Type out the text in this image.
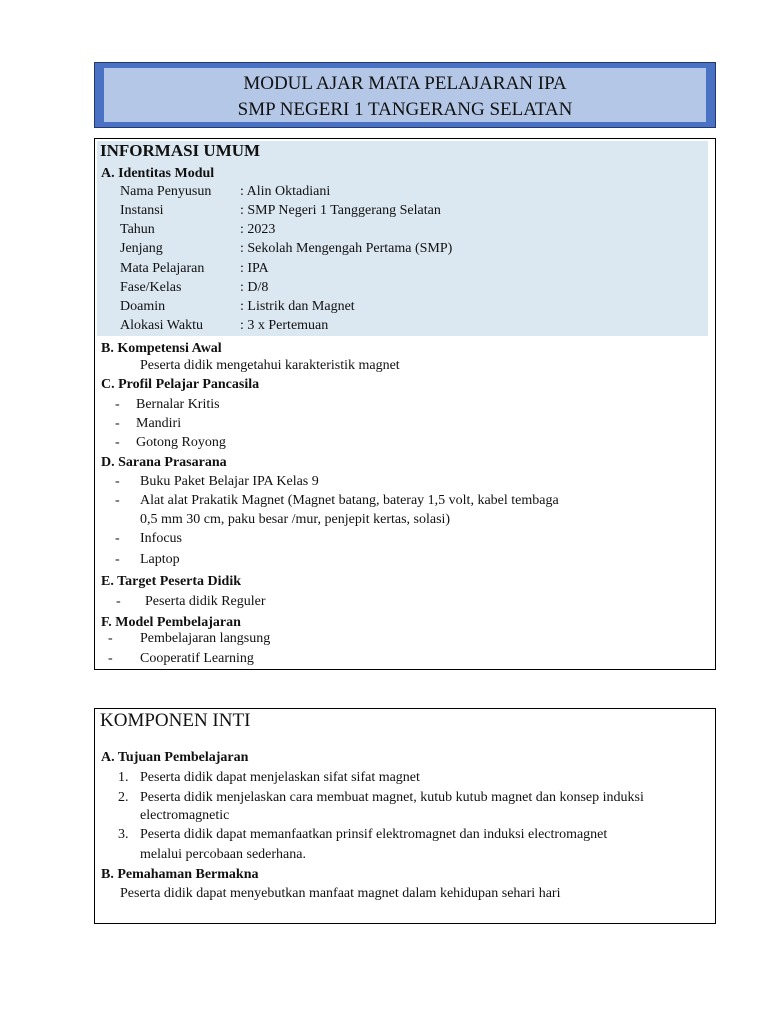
MODUL AJAR MATA PELAJARAN IPA
SMP NEGERI 1 TANGERANG SELATAN
INFORMASI UMUM
A. Identitas Modul
Nama Penyusun : Alin Oktadiani
Instansi	: SMP Negeri 1 Tanggerang Selatan
Tahun	: 2023
Jenjang	: Sekolah Mengengah Pertama (SMP)
Mata Pelajaran	: IPA
Fase/Kelas	: D/8
Doamin	: Listrik dan Magnet
Alokasi Waktu	: 3 x Pertemuan
B. Kompetensi Awal
Peserta didik mengetahui karakteristik magnet
C. Profil Pelajar Pancasila
- Bernalar Kritis
- Mandiri
- Gotong Royong
D. Sarana Prasarana
- Buku Paket Belajar IPA Kelas 9
- Alat alat Prakatik Magnet (Magnet batang, bateray 1,5 volt, kabel tembaga
0,5 mm 30 cm, paku besar /mur, penjepit kertas, solasi)
- Infocus
- Laptop
E. Target Peserta Didik
- Peserta didik Reguler
F. Model Pembelajaran
- Pembelajaran langsung
- Cooperatif Learning
KOMPONEN INTI
A. Tujuan Pembelajaran
1. Peserta didik dapat menjelaskan sifat sifat magnet
2. Peserta didik menjelaskan cara membuat magnet, kutub kutub magnet dan konsep induksi
electromagnetic
3. Peserta didik dapat memanfaatkan prinsif elektromagnet dan induksi electromagnet
melalui percobaan sederhana.
B. Pemahaman Bermakna
Peserta didik dapat menyebutkan manfaat magnet dalam kehidupan sehari hari
